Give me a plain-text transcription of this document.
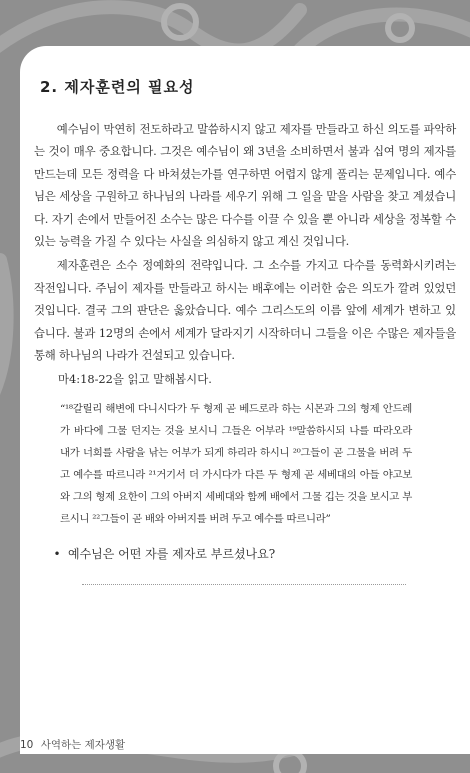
2. 제자훈련의 필요성

예수님이 막연히 전도하라고 말씀하시지 않고 제자를 만들라고 하신 의도를 파악하는 것이 매우 중요합니다. 그것은 예수님이 왜 3년을 소비하면서 불과 십여 명의 제자를 만드는데 모든 정력을 다 바쳐셨는가를 연구하면 어렵지 않게 풀리는 문제입니다. 예수님은 세상을 구원하고 하나님의 나라를 세우기 위해 그 일을 맡을 사람을 찾고 계셨습니다. 자기 손에서 만들어진 소수는 많은 다수를 이끌 수 있을 뿐 아니라 세상을 정복할 수 있는 능력을 가질 수 있다는 사실을 의심하지 않고 계신 것입니다.

제자훈련은 소수 정예화의 전략입니다. 그 소수를 가지고 다수를 동력화시키려는 작전입니다. 주님이 제자를 만들라고 하시는 배후에는 이러한 숨은 의도가 깔려 있었던 것입니다. 결국 그의 판단은 옳았습니다. 예수 그리스도의 이름 앞에 세계가 변하고 있습니다. 불과 12명의 손에서 세계가 달라지기 시작하더니 그들을 이은 수많은 제자들을 통해 하나님의 나라가 건설되고 있습니다.

마4:18-22을 읽고 말해봅시다.

“¹⁸갈릴리 해변에 다니시다가 두 형제 곧 베드로라 하는 시몬과 그의 형제 안드레가 바다에 그물 던지는 것을 보시니 그들은 어부라 ¹⁹말씀하시되 나를 따라오라 내가 너희를 사람을 낚는 어부가 되게 하리라 하시니 ²⁰그들이 곧 그물을 버려 두고 예수를 따르니라 ²¹거기서 더 가시다가 다른 두 형제 곧 세베대의 아들 야고보와 그의 형제 요한이 그의 아버지 세베대와 함께 배에서 그물 깁는 것을 보시고 부르시니 ²²그들이 곧 배와 아버지를 버려 두고 예수를 따르니라”

• 예수님은 어떤 자를 제자로 부르셨나요?
10 사역하는 제자생활
